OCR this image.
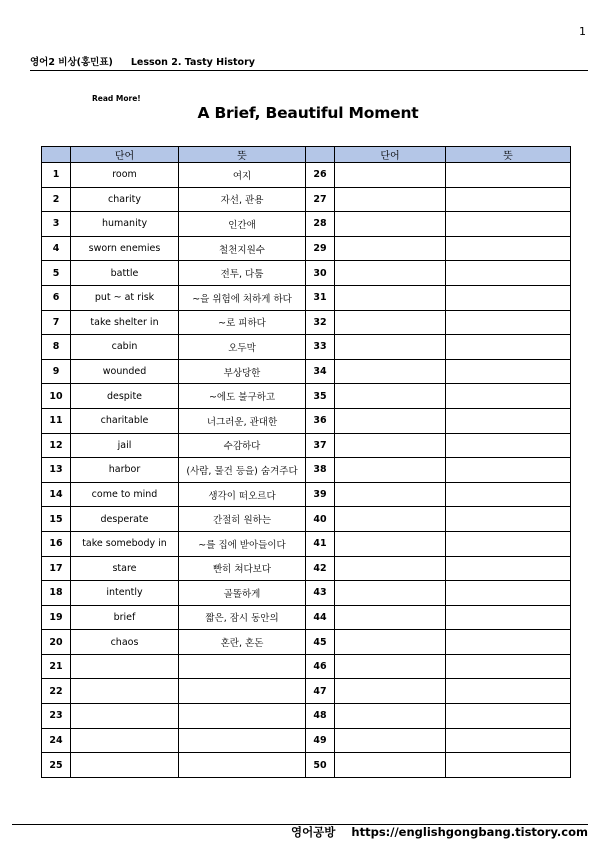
1
영어2 비상(홍민표) Lesson 2. Tasty History
Read More!
A Brief, Beautiful Moment
	단어	뜻		단어	뜻
1	room	여지	26		
2	charity	자선, 관용	27		
3	humanity	인간애	28		
4	sworn enemies	철천지원수	29		
5	battle	전투, 다툼	30		
6	put ~ at risk	~을 위험에 처하게 하다	31		
7	take shelter in	~로 피하다	32		
8	cabin	오두막	33		
9	wounded	부상당한	34		
10	despite	~에도 불구하고	35		
11	charitable	너그러운, 관대한	36		
12	jail	수감하다	37		
13	harbor	(사람, 물건 등을) 숨겨주다	38		
14	come to mind	생각이 떠오르다	39		
15	desperate	간절히 원하는	40		
16	take somebody in	~를 집에 받아들이다	41		
17	stare	빤히 쳐다보다	42		
18	intently	골똘하게	43		
19	brief	짧은, 잠시 동안의	44		
20	chaos	혼란, 혼돈	45		
21			46		
22			47		
23			48		
24			49		
25			50		
영어공방 https://englishgongbang.tistory.com
